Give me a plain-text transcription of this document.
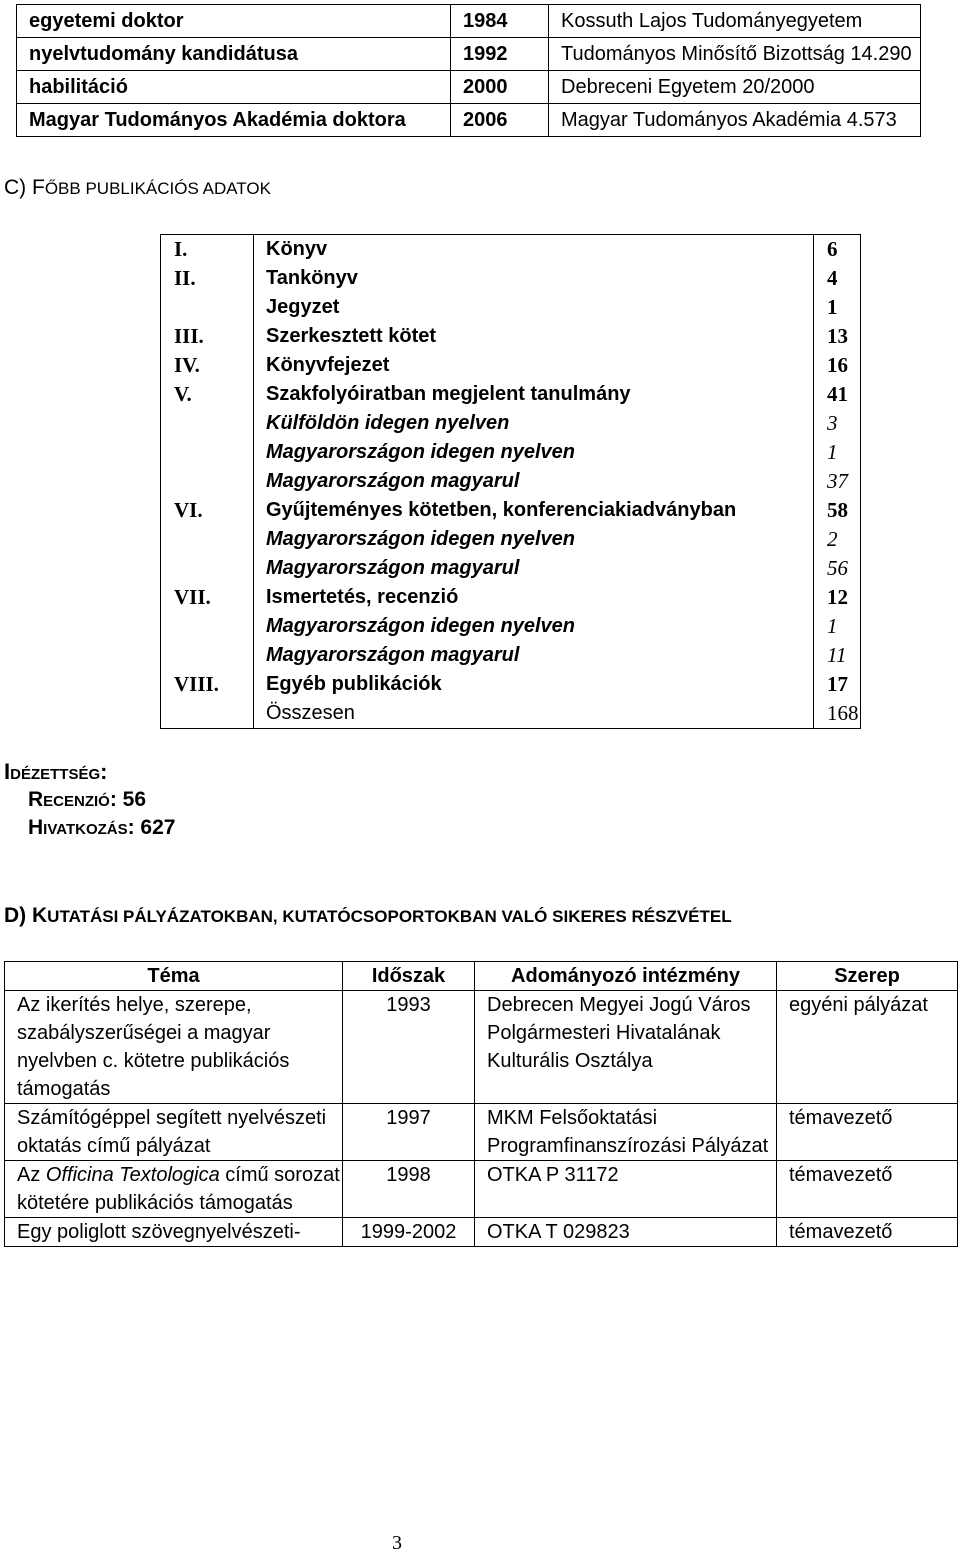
egyetemi doktor	1984	Kossuth Lajos Tudományegyetem
nyelvtudomány kandidátusa	1992	Tudományos Minősítő Bizottság 14.290
habilitáció	2000	Debreceni Egyetem 20/2000
Magyar Tudományos Akadémia doktora	2006	Magyar Tudományos Akadémia 4.573
C) FŐBB PUBLIKÁCIÓS ADATOK
I.	Könyv	6
II.	Tankönyv	4
	Jegyzet	1
III.	Szerkesztett kötet	13
IV.	Könyvfejezet	16
V.	Szakfolyóiratban megjelent tanulmány	41
	Külföldön idegen nyelven	3
	Magyarországon idegen nyelven	1
	Magyarországon magyarul	37
VI.	Gyűjteményes kötetben, konferenciakiadványban	58
	Magyarországon idegen nyelven	2
	Magyarországon magyarul	56
VII.	Ismertetés, recenzió	12
	Magyarországon idegen nyelven	1
	Magyarországon magyarul	11
VIII.	Egyéb publikációk	17
	Összesen	168
Idézettség:
Recenzió: 56
Hivatkozás: 627
D) KUTATÁSI PÁLYÁZATOKBAN, KUTATÓCSOPORTOKBAN VALÓ SIKERES RÉSZVÉTEL
Téma	Időszak	Adományozó intézmény	Szerep
Az ikerítés helye, szerepe, szabályszerűségei a magyar nyelvben c. kötetre publikációs támogatás	1993	Debrecen Megyei Jogú Város Polgármesteri Hivatalának Kulturális Osztálya	egyéni pályázat
Számítógéppel segített nyelvészeti oktatás című pályázat	1997	MKM Felsőoktatási Programfinanszírozási Pályázat	témavezető
Az Officina Textologica című sorozat kötetére publikációs támogatás	1998	OTKA P 31172	témavezető
Egy poliglott szövegnyelvészeti-	1999-2002	OTKA T 029823	témavezető
3
